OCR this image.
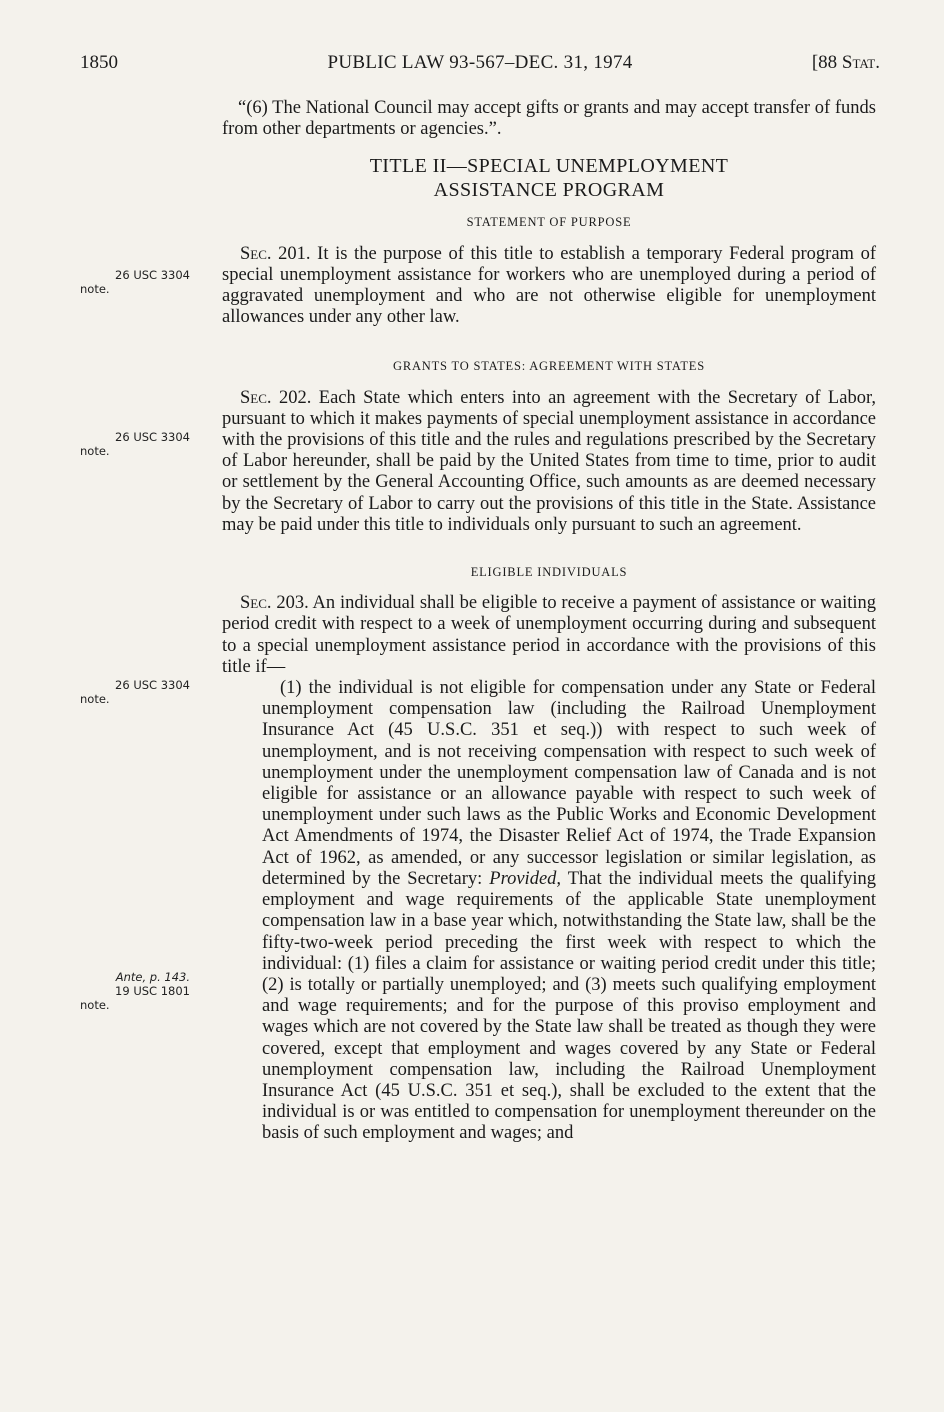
1850	PUBLIC LAW 93-567–DEC. 31, 1974	[88 Stat.
26 USC 3304
note.
26 USC 3304
note.
26 USC 3304
note.
Ante, p. 143.
19 USC 1801
note.

“(6) The National Council may accept gifts or grants and may accept transfer of funds from other departments or agencies.”.

TITLE II—SPECIAL UNEMPLOYMENT
ASSISTANCE PROGRAM
STATEMENT OF PURPOSE

Sec. 201. It is the purpose of this title to establish a temporary Federal program of special unemployment assistance for workers who are unemployed during a period of aggravated unemployment and who are not otherwise eligible for unemployment allowances under any other law.

GRANTS TO STATES: AGREEMENT WITH STATES

Sec. 202. Each State which enters into an agreement with the Secretary of Labor, pursuant to which it makes payments of special unemployment assistance in accordance with the provisions of this title and the rules and regulations prescribed by the Secretary of Labor hereunder, shall be paid by the United States from time to time, prior to audit or settlement by the General Accounting Office, such amounts as are deemed necessary by the Secretary of Labor to carry out the provisions of this title in the State. Assistance may be paid under this title to individuals only pursuant to such an agreement.

ELIGIBLE INDIVIDUALS

Sec. 203. An individual shall be eligible to receive a payment of assistance or waiting period credit with respect to a week of unemployment occurring during and subsequent to a special unemployment assistance period in accordance with the provisions of this title if—

(1) the individual is not eligible for compensation under any State or Federal unemployment compensation law (including the Railroad Unemployment Insurance Act (45 U.S.C. 351 et seq.)) with respect to such week of unemployment, and is not receiving compensation with respect to such week of unemployment under the unemployment compensation law of Canada and is not eligible for assistance or an allowance payable with respect to such week of unemployment under such laws as the Public Works and Economic Development Act Amendments of 1974, the Disaster Relief Act of 1974, the Trade Expansion Act of 1962, as amended, or any successor legislation or similar legislation, as determined by the Secretary: Provided, That the individual meets the qualifying employment and wage requirements of the applicable State unemployment compensation law in a base year which, notwithstanding the State law, shall be the fifty-two-week period preceding the first week with respect to which the individual: (1) files a claim for assistance or waiting period credit under this title; (2) is totally or partially unemployed; and (3) meets such qualifying employment and wage requirements; and for the purpose of this proviso employment and wages which are not covered by the State law shall be treated as though they were covered, except that employment and wages covered by any State or Federal unemployment compensation law, including the Railroad Unemployment Insurance Act (45 U.S.C. 351 et seq.), shall be excluded to the extent that the individual is or was entitled to compensation for unemployment thereunder on the basis of such employment and wages; and
